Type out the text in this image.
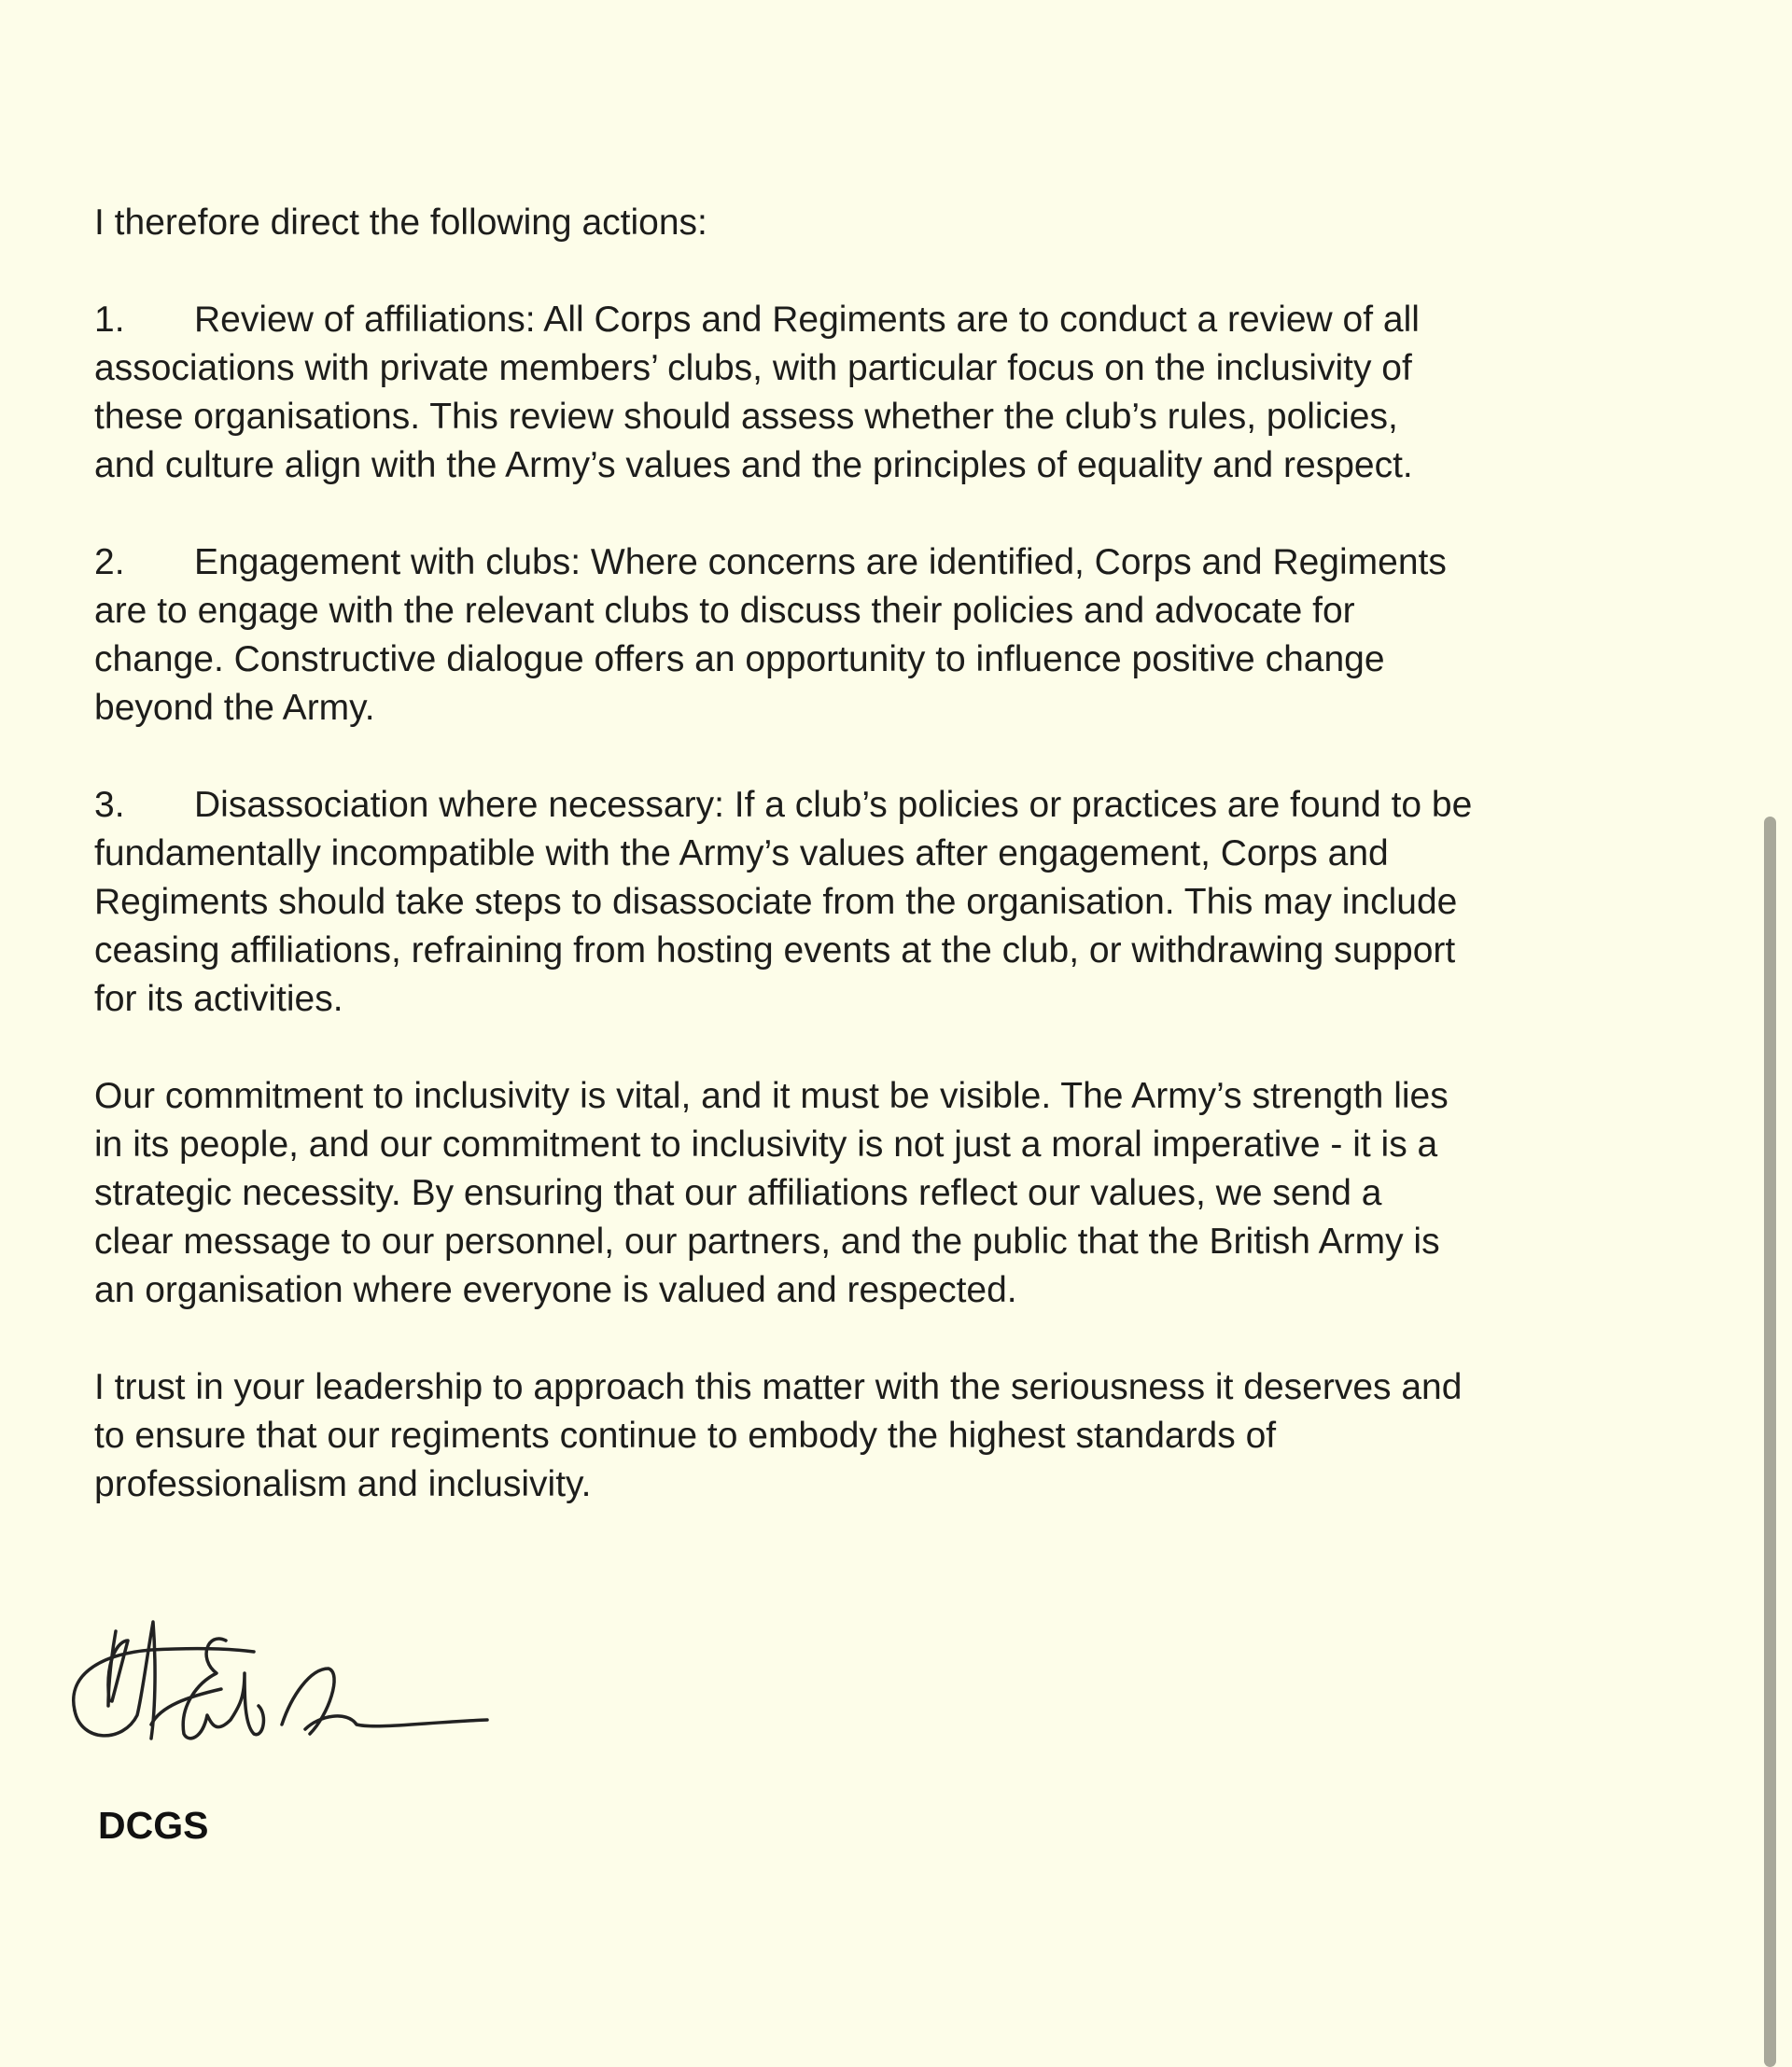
I therefore direct the following actions:

1. Review of affiliations: All Corps and Regiments are to conduct a review of all
associations with private members’ clubs, with particular focus on the inclusivity of
these organisations. This review should assess whether the club’s rules, policies,
and culture align with the Army’s values and the principles of equality and respect.

2. Engagement with clubs: Where concerns are identified, Corps and Regiments
are to engage with the relevant clubs to discuss their policies and advocate for
change. Constructive dialogue offers an opportunity to influence positive change
beyond the Army.

3. Disassociation where necessary: If a club’s policies or practices are found to be
fundamentally incompatible with the Army’s values after engagement, Corps and
Regiments should take steps to disassociate from the organisation. This may include
ceasing affiliations, refraining from hosting events at the club, or withdrawing support
for its activities.

Our commitment to inclusivity is vital, and it must be visible. The Army’s strength lies
in its people, and our commitment to inclusivity is not just a moral imperative - it is a
strategic necessity. By ensuring that our affiliations reflect our values, we send a
clear message to our personnel, our partners, and the public that the British Army is
an organisation where everyone is valued and respected.

I trust in your leadership to approach this matter with the seriousness it deserves and
to ensure that our regiments continue to embody the highest standards of
professionalism and inclusivity.

DCGS
